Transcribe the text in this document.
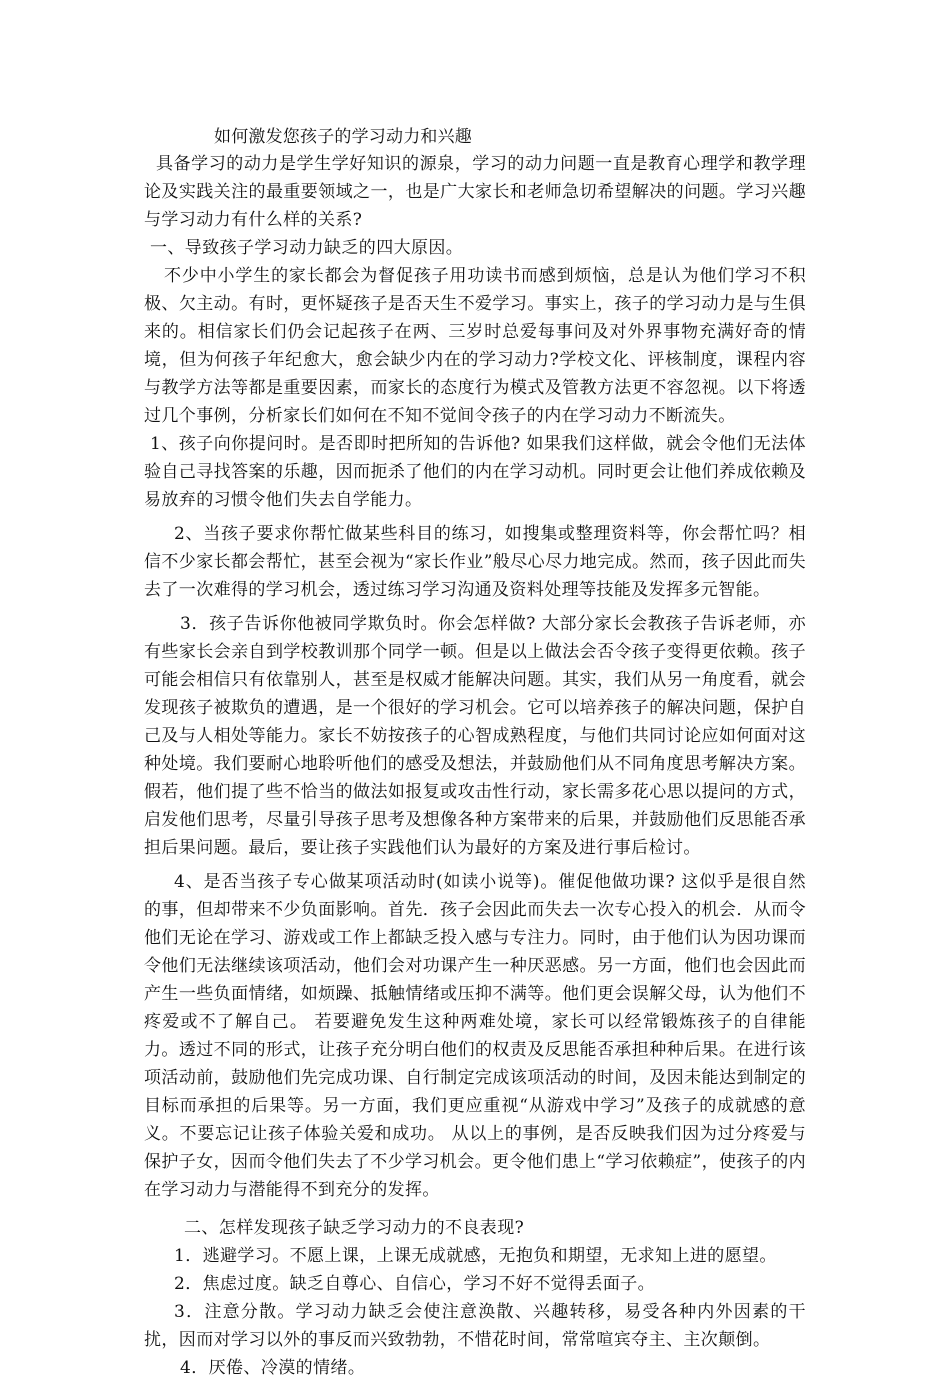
如何激发您孩子的学习动力和兴趣

具备学习的动力是学生学好知识的源泉，学习的动力问题一直是教育心理学和教学理论及实践关注的最重要领域之一，也是广大家长和老师急切希望解决的问题。学习兴趣与学习动力有什么样的关系?

一、导致孩子学习动力缺乏的四大原因。

不少中小学生的家长都会为督促孩子用功读书而感到烦恼，总是认为他们学习不积极、欠主动。有时，更怀疑孩子是否天生不爱学习。事实上，孩子的学习动力是与生俱来的。相信家长们仍会记起孩子在两、三岁时总爱每事问及对外界事物充满好奇的情境，但为何孩子年纪愈大，愈会缺少内在的学习动力?学校文化、评核制度，课程内容与教学方法等都是重要因素，而家长的态度行为模式及管教方法更不容忽视。以下将透过几个事例，分析家长们如何在不知不觉间令孩子的内在学习动力不断流失。

1、孩子向你提问时。是否即时把所知的告诉他? 如果我们这样做，就会令他们无法体验自己寻找答案的乐趣，因而扼杀了他们的内在学习动机。同时更会让他们养成依赖及易放弃的习惯令他们失去自学能力。

2、当孩子要求你帮忙做某些科目的练习，如搜集或整理资料等，你会帮忙吗？相信不少家长都会帮忙，甚至会视为“家长作业”般尽心尽力地完成。然而，孩子因此而失去了一次难得的学习机会，透过练习学习沟通及资料处理等技能及发挥多元智能。

3．孩子告诉你他被同学欺负时。你会怎样做? 大部分家长会教孩子告诉老师，亦有些家长会亲自到学校教训那个同学一顿。但是以上做法会否令孩子变得更依赖。孩子可能会相信只有依靠别人，甚至是权威才能解决问题。其实，我们从另一角度看，就会发现孩子被欺负的遭遇，是一个很好的学习机会。它可以培养孩子的解决问题，保护自己及与人相处等能力。家长不妨按孩子的心智成熟程度，与他们共同讨论应如何面对这种处境。我们要耐心地聆听他们的感受及想法，并鼓励他们从不同角度思考解决方案。假若，他们提了些不恰当的做法如报复或攻击性行动，家长需多花心思以提问的方式，启发他们思考，尽量引导孩子思考及想像各种方案带来的后果，并鼓励他们反思能否承担后果问题。最后，要让孩子实践他们认为最好的方案及进行事后检讨。

4、是否当孩子专心做某项活动时(如读小说等)。催促他做功课? 这似乎是很自然的事，但却带来不少负面影响。首先．孩子会因此而失去一次专心投入的机会．从而令他们无论在学习、游戏或工作上都缺乏投入感与专注力。同时，由于他们认为因功课而令他们无法继续该项活动，他们会对功课产生一种厌恶感。另一方面，他们也会因此而产生一些负面情绪，如烦躁、抵触情绪或压抑不满等。他们更会误解父母，认为他们不疼爱或不了解自己。 若要避免发生这种两难处境，家长可以经常锻炼孩子的自律能力。透过不同的形式，让孩子充分明白他们的权责及反思能否承担种种后果。在进行该项活动前，鼓励他们先完成功课、自行制定完成该项活动的时间，及因未能达到制定的目标而承担的后果等。另一方面，我们更应重视“从游戏中学习”及孩子的成就感的意义。不要忘记让孩子体验关爱和成功。 从以上的事例，是否反映我们因为过分疼爱与保护子女，因而令他们失去了不少学习机会。更令他们患上“学习依赖症”，使孩子的内在学习动力与潜能得不到充分的发挥。

二、怎样发现孩子缺乏学习动力的不良表现?

1．逃避学习。不愿上课，上课无成就感，无抱负和期望，无求知上进的愿望。

2．焦虑过度。缺乏自尊心、自信心，学习不好不觉得丢面子。

3．注意分散。学习动力缺乏会使注意涣散、兴趣转移，易受各种内外因素的干扰，因而对学习以外的事反而兴致勃勃，不惜花时间，常常喧宾夺主、主次颠倒。

4．厌倦、冷漠的情绪。
